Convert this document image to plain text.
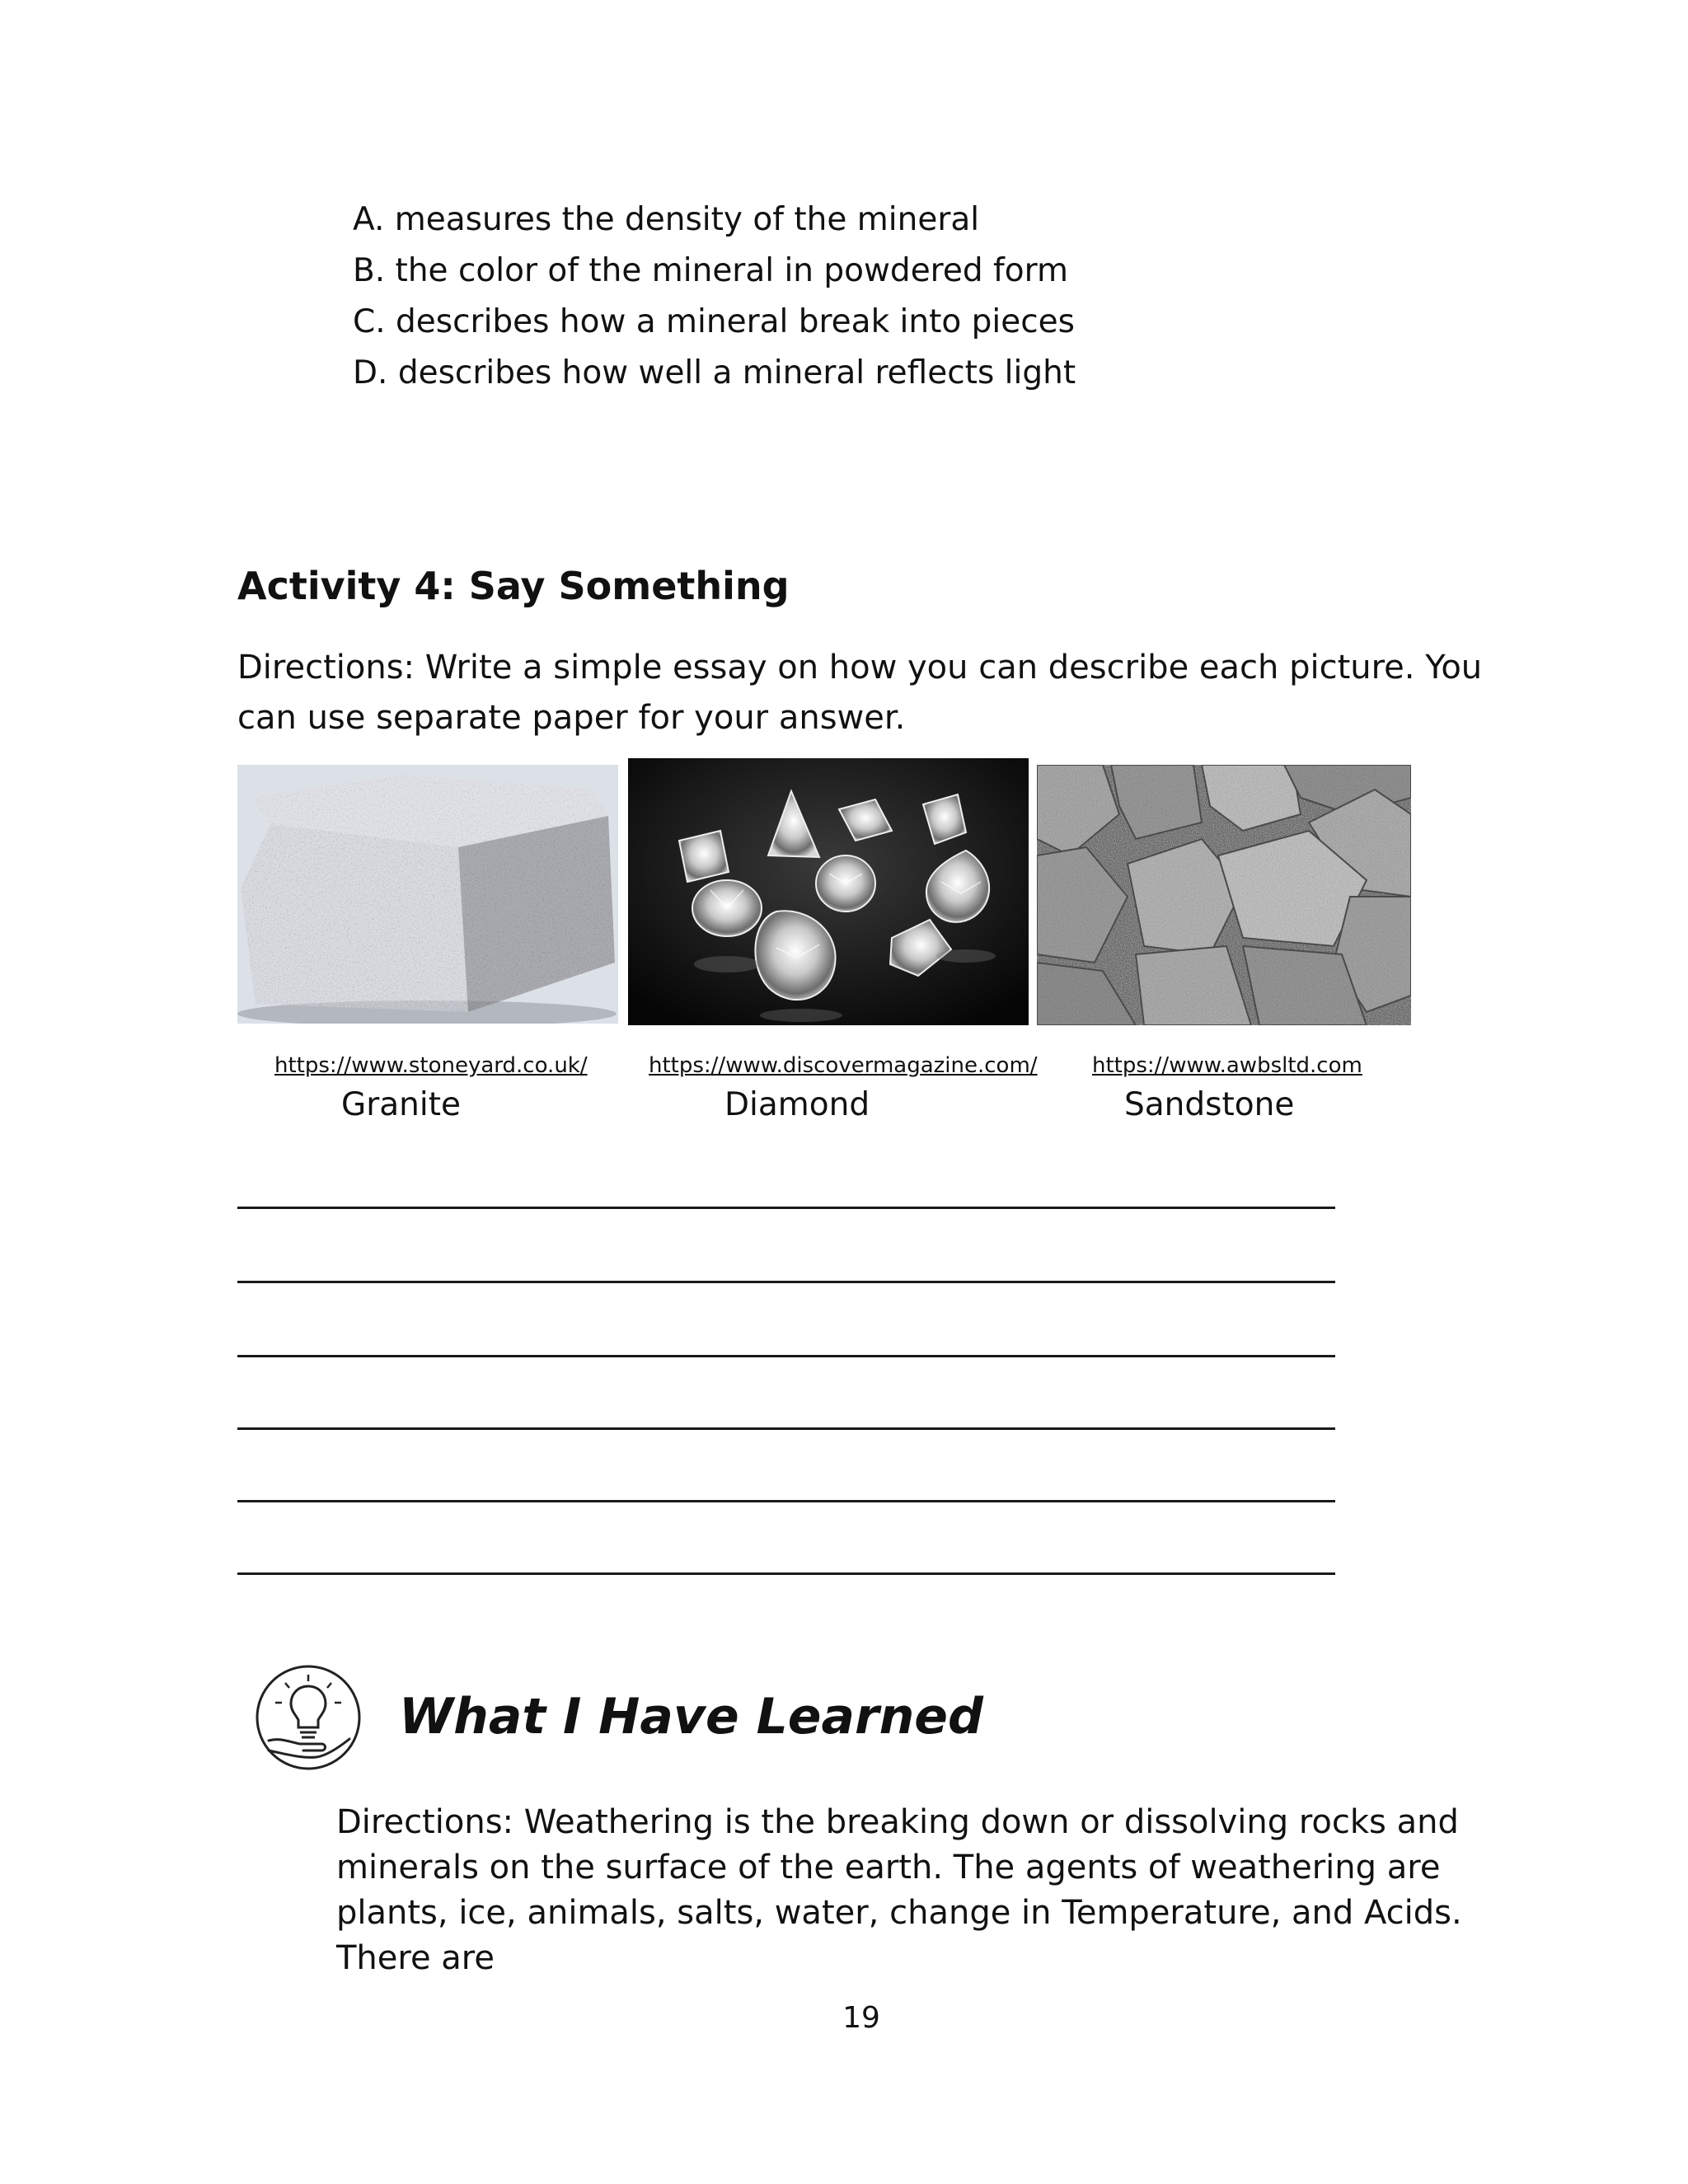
A. measures the density of the mineral
B. the color of the mineral in powdered form
C. describes how a mineral break into pieces
D. describes how well a mineral reflects light
Activity 4: Say Something
Directions: Write a simple essay on how you can describe each picture. You can use separate paper for your answer.
https://www.stoneyard.co.uk/	https://www.discovermagazine.com/	https://www.awbsltd.com
Granite	Diamond	Sandstone
What I Have Learned
Directions: Weathering is the breaking down or dissolving rocks and minerals on the surface of the earth. The agents of weathering are plants, ice, animals, salts, water, change in Temperature, and Acids. There are
19
